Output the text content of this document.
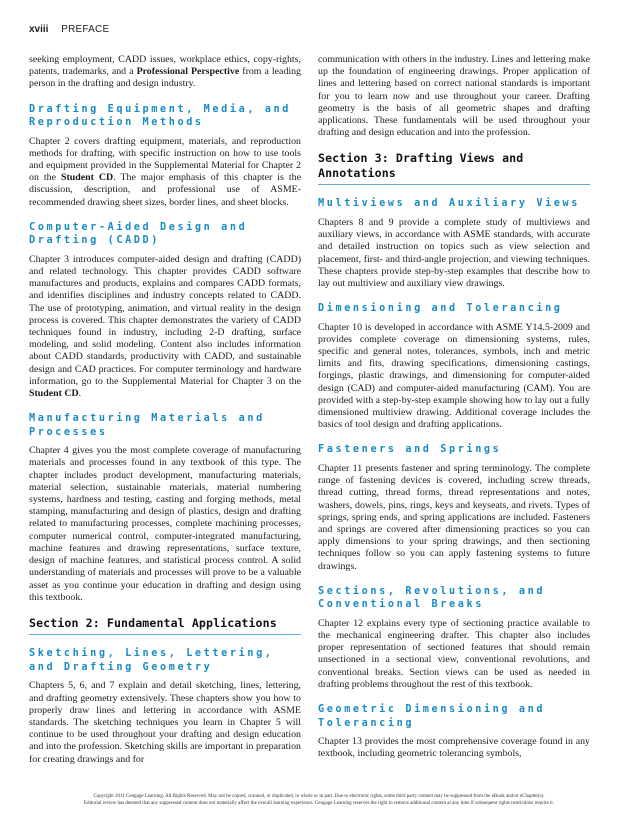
xviii PREFACE

seeking employment, CADD issues, workplace ethics, copy-rights, patents, trademarks, and a Professional Perspective from a leading person in the drafting and design industry.

Drafting Equipment, Media, and Reproduction Methods

Chapter 2 covers drafting equipment, materials, and reproduction methods for drafting, with specific instruction on how to use tools and equipment provided in the Supplemental Material for Chapter 2 on the Student CD. The major emphasis of this chapter is the discussion, description, and professional use of ASME-recommended drawing sheet sizes, border lines, and sheet blocks.

Computer-Aided Design and Drafting (CADD)

Chapter 3 introduces computer-aided design and drafting (CADD) and related technology. This chapter provides CADD software manufactures and products, explains and compares CADD formats, and identifies disciplines and industry concepts related to CADD. The use of prototyping, animation, and virtual reality in the design process is covered. This chapter demonstrates the variety of CADD techniques found in industry, including 2-D drafting, surface modeling, and solid modeling. Content also includes information about CADD standards, productivity with CADD, and sustainable design and CAD practices. For computer terminology and hardware information, go to the Supplemental Material for Chapter 3 on the Student CD.

Manufacturing Materials and Processes

Chapter 4 gives you the most complete coverage of manufacturing materials and processes found in any textbook of this type. The chapter includes product development, manufacturing materials, material selection, sustainable materials, material numbering systems, hardness and testing, casting and forging methods, metal stamping, manufacturing and design of plastics, design and drafting related to manufacturing processes, complete machining processes, computer numerical control, computer-integrated manufacturing, machine features and drawing representations, surface texture, design of machine features, and statistical process control. A solid understanding of materials and processes will prove to be a valuable asset as you continue your education in drafting and design using this textbook.

Section 2: Fundamental Applications
Sketching, Lines, Lettering, and Drafting Geometry

Chapters 5, 6, and 7 explain and detail sketching, lines, lettering, and drafting geometry extensively. These chapters show you how to properly draw lines and lettering in accordance with ASME standards. The sketching techniques you learn in Chapter 5 will continue to be used throughout your drafting and design education and into the profession. Sketching skills are important in preparation for creating drawings and for

communication with others in the industry. Lines and lettering make up the foundation of engineering drawings. Proper application of lines and lettering based on correct national standards is important for you to learn now and use throughout your career. Drafting geometry is the basis of all geometric shapes and drafting applications. These fundamentals will be used throughout your drafting and design education and into the profession.

Section 3: Drafting Views and Annotations
Multiviews and Auxiliary Views

Chapters 8 and 9 provide a complete study of multiviews and auxiliary views, in accordance with ASME standards, with accurate and detailed instruction on topics such as view selection and placement, first- and third-angle projection, and viewing techniques. These chapters provide step-by-step examples that describe how to lay out multiview and auxiliary view drawings.

Dimensioning and Tolerancing

Chapter 10 is developed in accordance with ASME Y14.5-2009 and provides complete coverage on dimensioning systems, rules, specific and general notes, tolerances, symbols, inch and metric limits and fits, drawing specifications, dimensioning castings, forgings, plastic drawings, and dimensioning for computer-aided design (CAD) and computer-aided manufacturing (CAM). You are provided with a step-by-step example showing how to lay out a fully dimensioned multiview drawing. Additional coverage includes the basics of tool design and drafting applications.

Fasteners and Springs

Chapter 11 presents fastener and spring terminology. The complete range of fastening devices is covered, including screw threads, thread cutting, thread forms, thread representations and notes, washers, dowels, pins, rings, keys and keyseats, and rivets. Types of springs, spring ends, and spring applications are included. Fasteners and springs are covered after dimensioning practices so you can apply dimensions to your spring drawings, and then sectioning techniques follow so you can apply fastening systems to future drawings.

Sections, Revolutions, and Conventional Breaks

Chapter 12 explains every type of sectioning practice available to the mechanical engineering drafter. This chapter also includes proper representation of sectioned features that should remain unsectioned in a sectional view, conventional revolutions, and conventional breaks. Section views can be used as needed in drafting problems throughout the rest of this textbook.

Geometric Dimensioning and Tolerancing

Chapter 13 provides the most comprehensive coverage found in any textbook, including geometric tolerancing symbols,

Copyright 2011 Cengage Learning. All Rights Reserved. May not be copied, scanned, or duplicated, in whole or in part. Due to electronic rights, some third party content may be suppressed from the eBook and/or eChapter(s).
Editorial review has deemed that any suppressed content does not materially affect the overall learning experience. Cengage Learning reserves the right to remove additional content at any time if subsequent rights restrictions require it.
